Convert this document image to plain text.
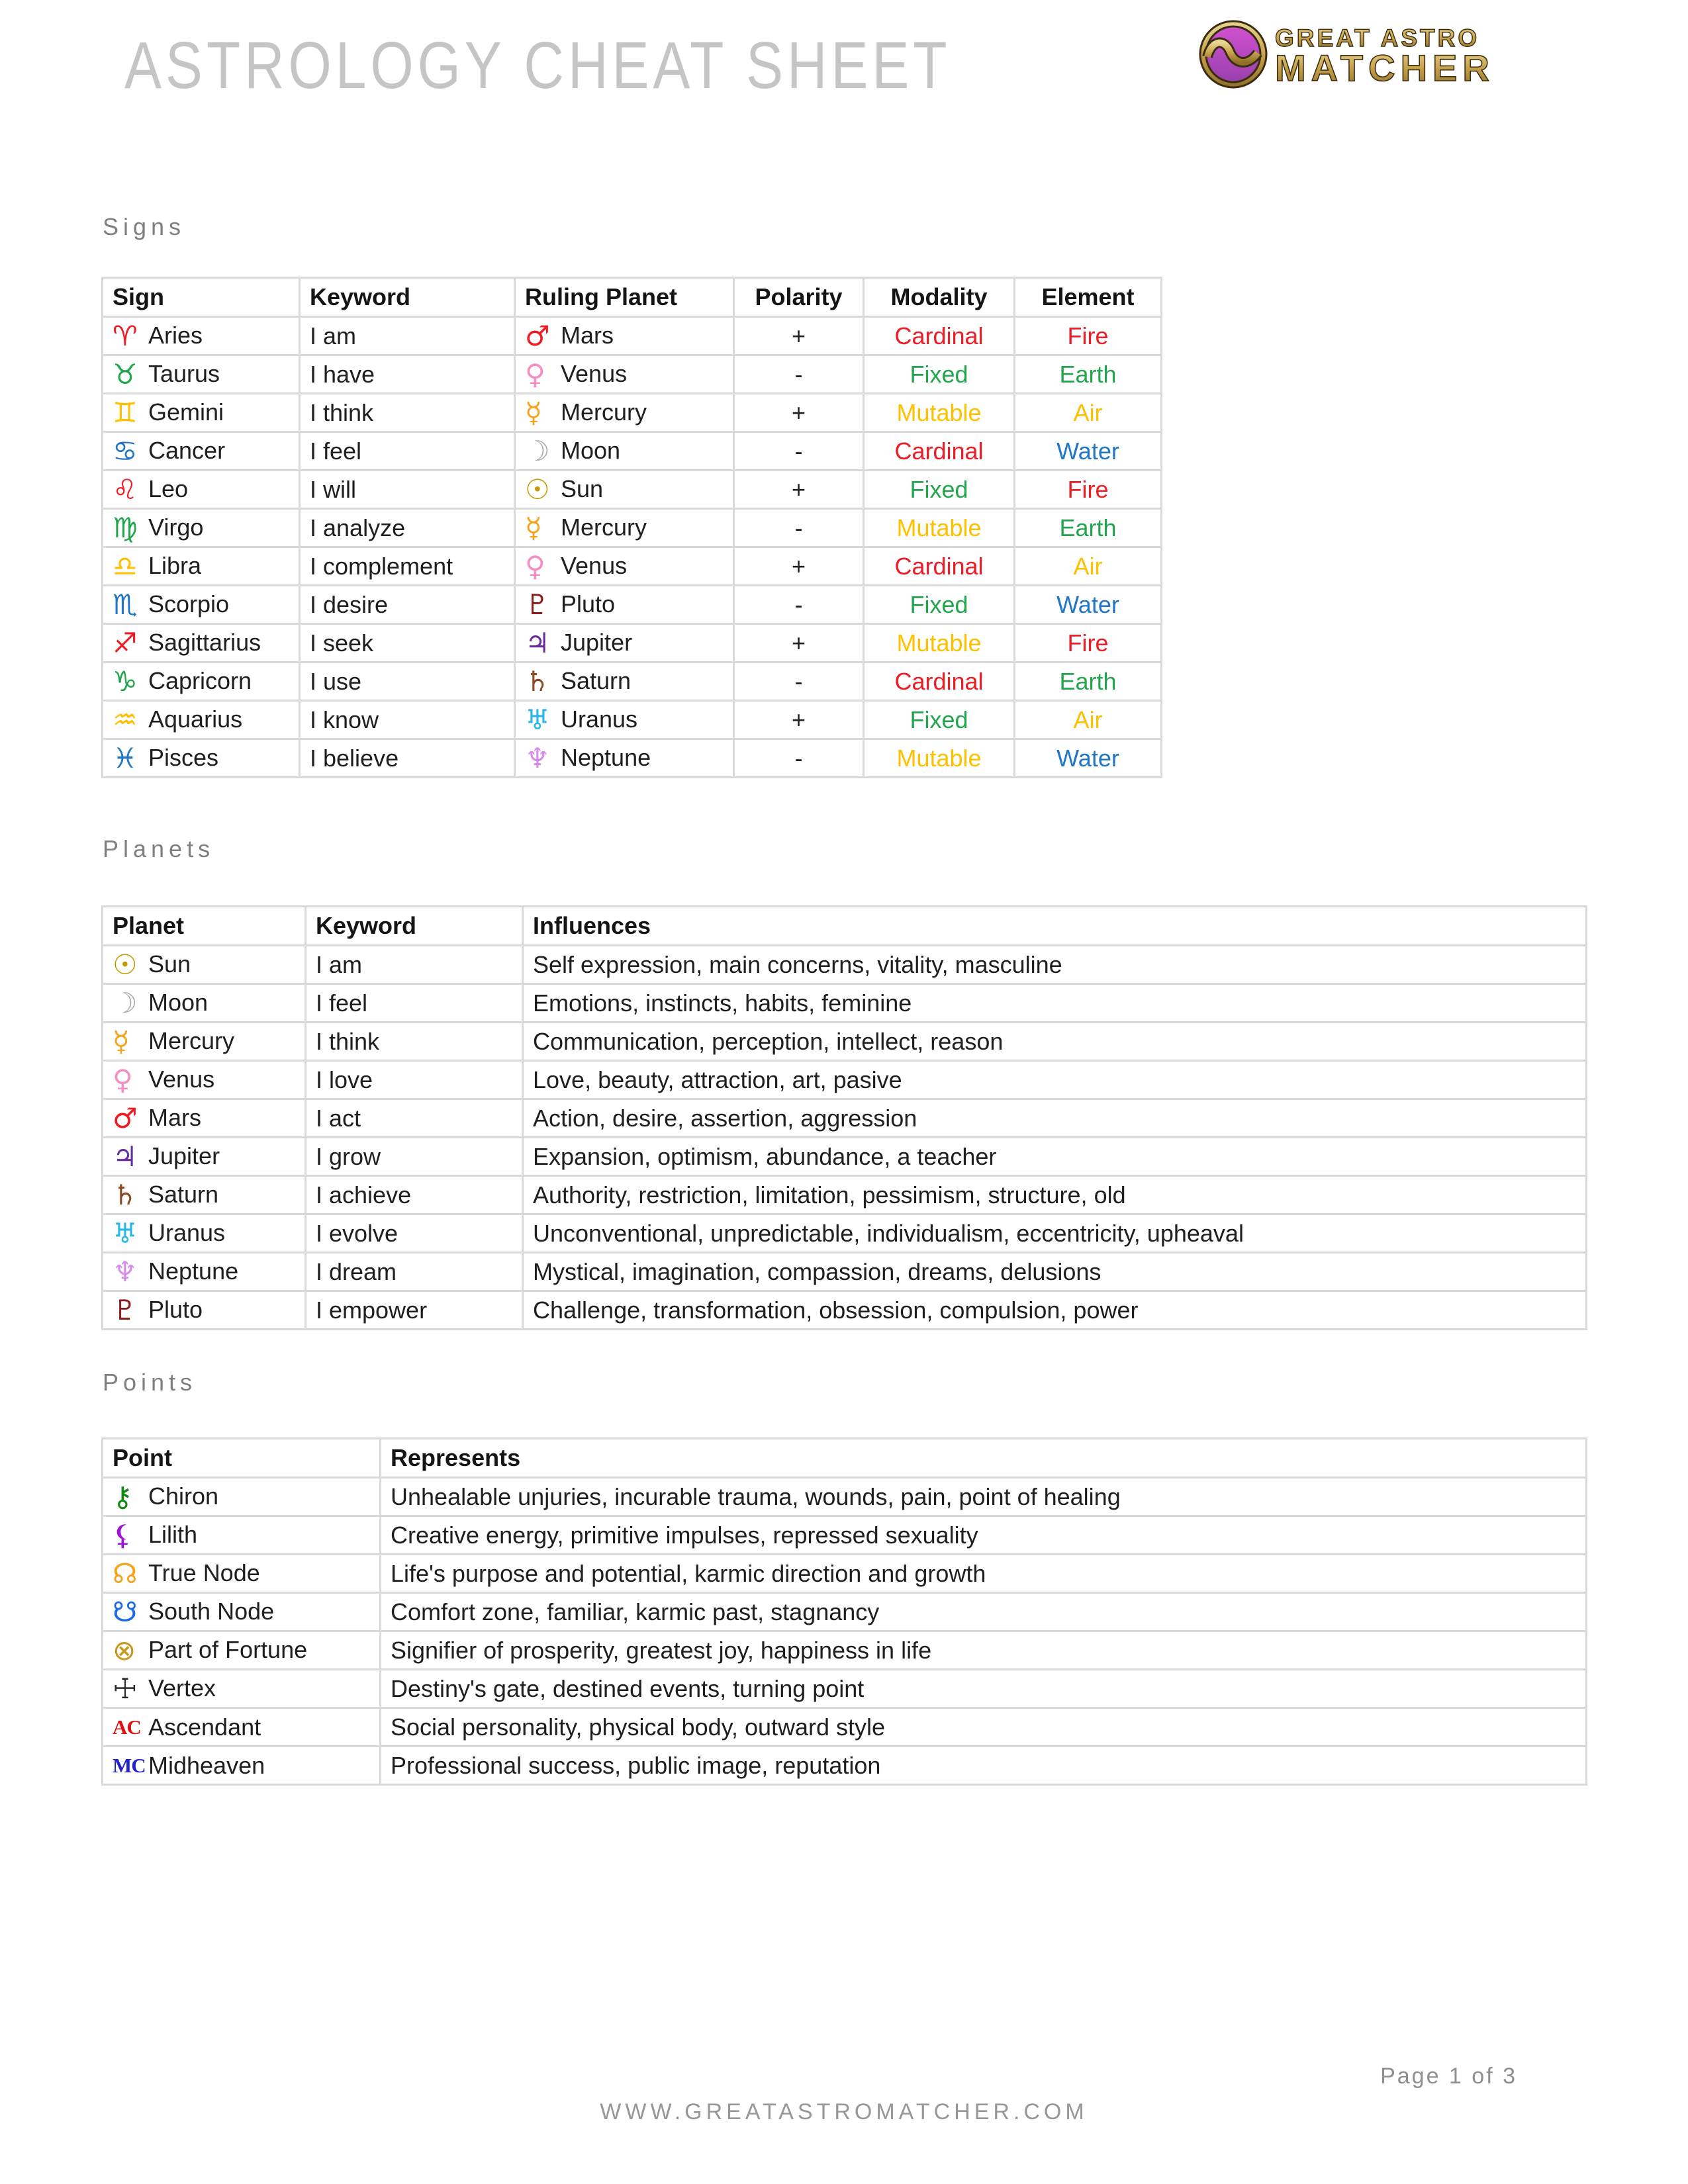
ASTROLOGY CHEAT SHEET	GREAT ASTRO
MATCHER
Signs
Sign	Keyword	Ruling Planet	Polarity	Modality	Element
♈ Aries	I am	♂ Mars	+	Cardinal	Fire
♉ Taurus	I have	♀ Venus	-	Fixed	Earth
♊ Gemini	I think	☿ Mercury	+	Mutable	Air
♋ Cancer	I feel	☽ Moon	-	Cardinal	Water
♌ Leo	I will	☉ Sun	+	Fixed	Fire
♍ Virgo	I analyze	☿ Mercury	-	Mutable	Earth
♎ Libra	I complement	♀ Venus	+	Cardinal	Air
♏ Scorpio	I desire	♇ Pluto	-	Fixed	Water
♐ Sagittarius	I seek	♃ Jupiter	+	Mutable	Fire
♑ Capricorn	I use	♄ Saturn	-	Cardinal	Earth
♒ Aquarius	I know	♅ Uranus	+	Fixed	Air
♓ Pisces	I believe	♆ Neptune	-	Mutable	Water
Planets
Planet	Keyword	Influences
☉ Sun	I am	Self expression, main concerns, vitality, masculine
☽ Moon	I feel	Emotions, instincts, habits, feminine
☿ Mercury	I think	Communication, perception, intellect, reason
♀ Venus	I love	Love, beauty, attraction, art, pasive
♂ Mars	I act	Action, desire, assertion, aggression
♃ Jupiter	I grow	Expansion, optimism, abundance, a teacher
♄ Saturn	I achieve	Authority, restriction, limitation, pessimism, structure, old
♅ Uranus	I evolve	Unconventional, unpredictable, individualism, eccentricity, upheaval
♆ Neptune	I dream	Mystical, imagination, compassion, dreams, delusions
♇ Pluto	I empower	Challenge, transformation, obsession, compulsion, power
Points
Point	Represents
⚷ Chiron	Unhealable unjuries, incurable trauma, wounds, pain, point of healing
⚸ Lilith	Creative energy, primitive impulses, repressed sexuality
☊ True Node	Life's purpose and potential, karmic direction and growth
☋ South Node	Comfort zone, familiar, karmic past, stagnancy
⊗ Part of Fortune	Signifier of prosperity, greatest joy, happiness in life
☩ Vertex	Destiny's gate, destined events, turning point
AC Ascendant	Social personality, physical body, outward style
MC Midheaven	Professional success, public image, reputation
Page 1 of 3
WWW.GREATASTROMATCHER.COM
